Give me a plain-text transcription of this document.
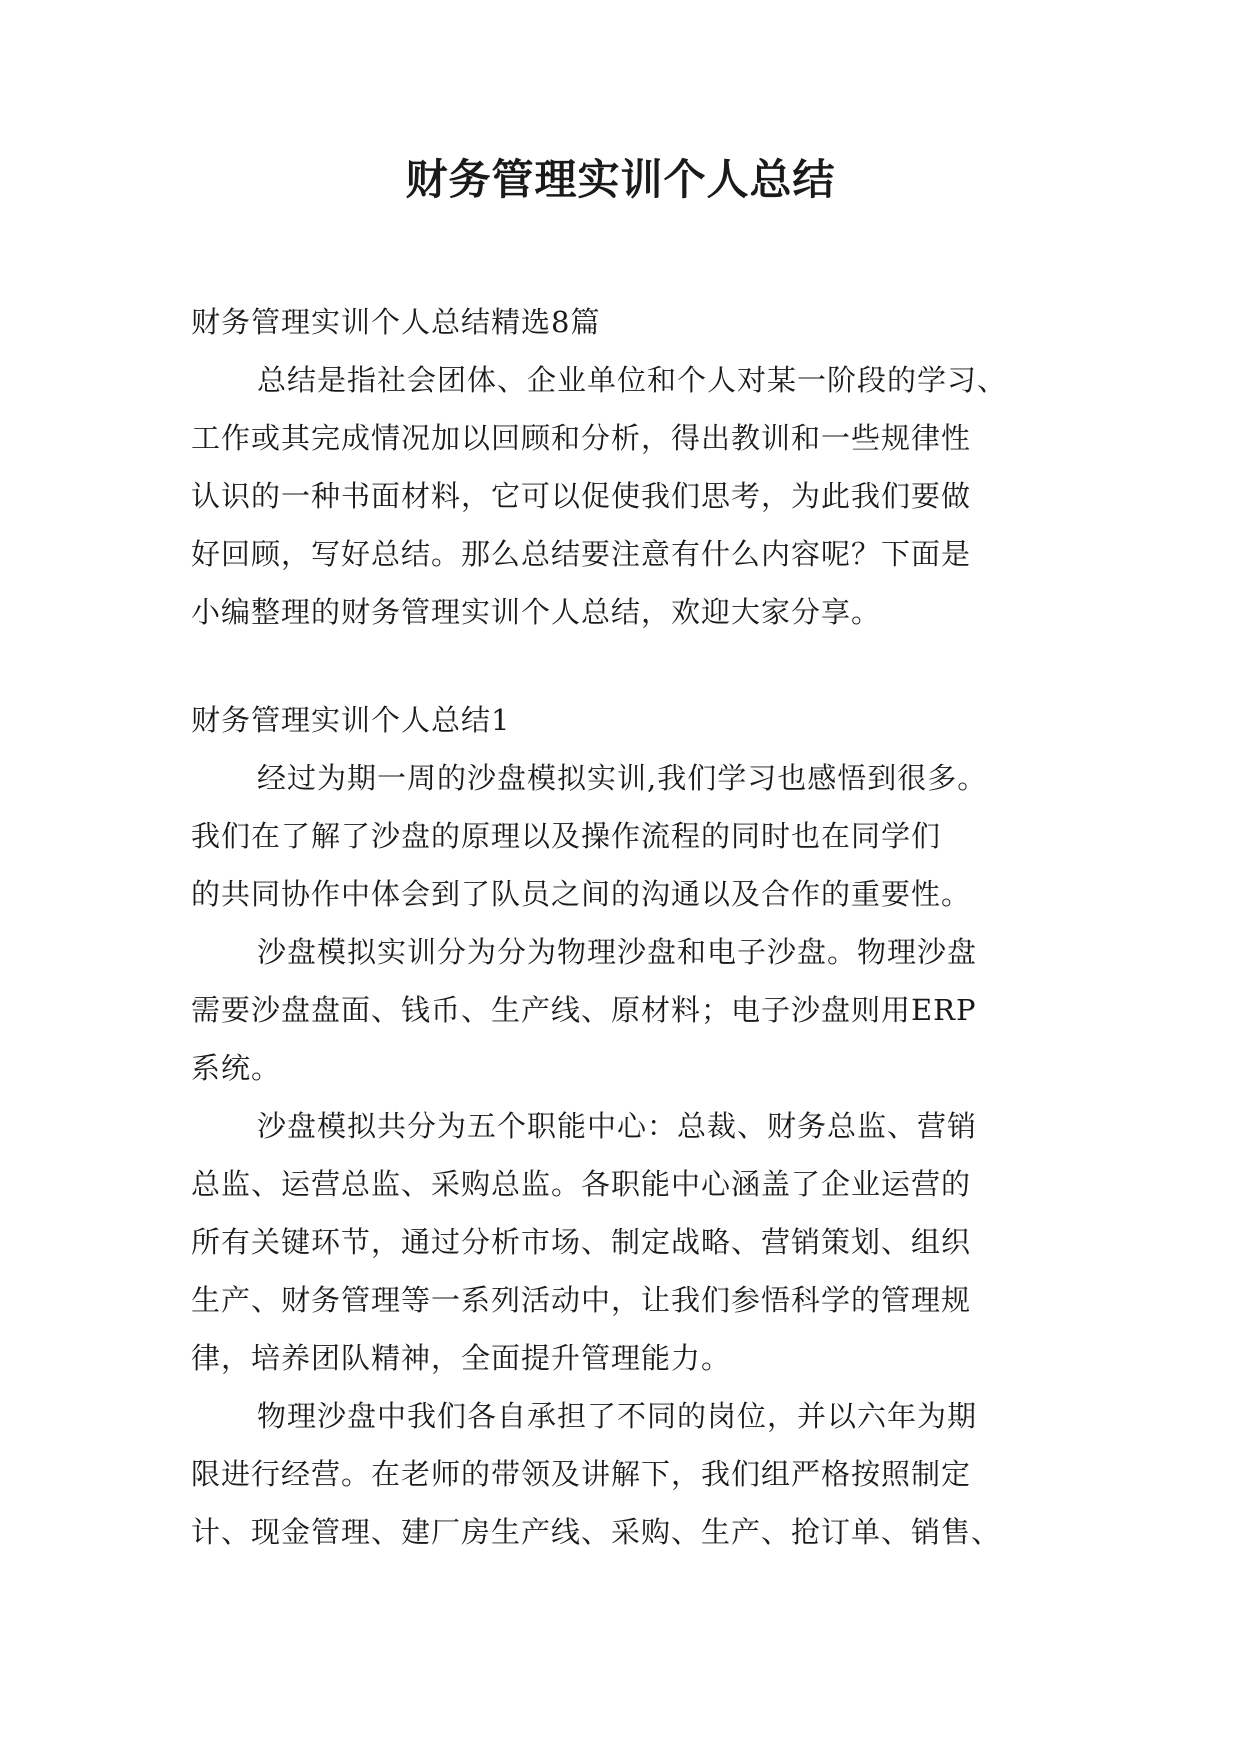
财务管理实训个人总结
财务管理实训个人总结精选8篇
总结是指社会团体、企业单位和个人对某一阶段的学习、
工作或其完成情况加以回顾和分析，得出教训和一些规律性
认识的一种书面材料，它可以促使我们思考，为此我们要做
好回顾，写好总结。那么总结要注意有什么内容呢？下面是
小编整理的财务管理实训个人总结，欢迎大家分享。
财务管理实训个人总结1
经过为期一周的沙盘模拟实训,我们学习也感悟到很多。
我们在了解了沙盘的原理以及操作流程的同时也在同学们
的共同协作中体会到了队员之间的沟通以及合作的重要性。
沙盘模拟实训分为分为物理沙盘和电子沙盘。物理沙盘
需要沙盘盘面、钱币、生产线、原材料；电子沙盘则用ERP
系统。
沙盘模拟共分为五个职能中心：总裁、财务总监、营销
总监、运营总监、采购总监。各职能中心涵盖了企业运营的
所有关键环节，通过分析市场、制定战略、营销策划、组织
生产、财务管理等一系列活动中，让我们参悟科学的管理规
律，培养团队精神，全面提升管理能力。
物理沙盘中我们各自承担了不同的岗位，并以六年为期
限进行经营。在老师的带领及讲解下，我们组严格按照制定
计、现金管理、建厂房生产线、采购、生产、抢订单、销售、
